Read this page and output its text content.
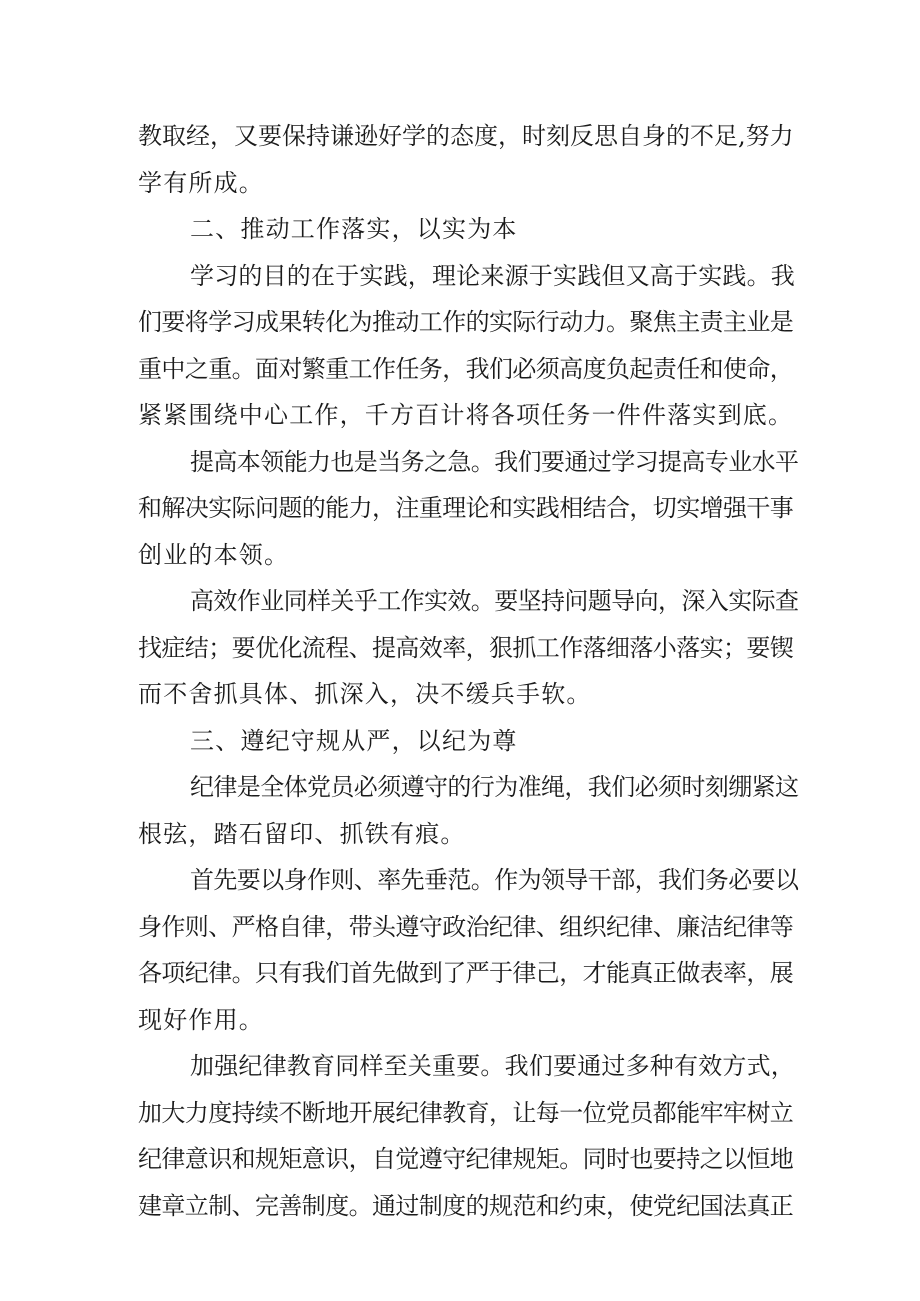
教取经，又要保持谦逊好学的态度，时刻反思自身的不足,努力
学有所成。
二、推动工作落实，以实为本
学习的目的在于实践，理论来源于实践但又高于实践。我
们要将学习成果转化为推动工作的实际行动力。聚焦主责主业是
重中之重。面对繁重工作任务，我们必须高度负起责任和使命，
紧紧围绕中心工作，千方百计将各项任务一件件落实到底。
提高本领能力也是当务之急。我们要通过学习提高专业水平
和解决实际问题的能力，注重理论和实践相结合，切实增强干事
创业的本领。
高效作业同样关乎工作实效。要坚持问题导向，深入实际查
找症结；要优化流程、提高效率，狠抓工作落细落小落实；要锲
而不舍抓具体、抓深入，决不缓兵手软。
三、遵纪守规从严，以纪为尊
纪律是全体党员必须遵守的行为准绳，我们必须时刻绷紧这
根弦，踏石留印、抓铁有痕。
首先要以身作则、率先垂范。作为领导干部，我们务必要以
身作则、严格自律，带头遵守政治纪律、组织纪律、廉洁纪律等
各项纪律。只有我们首先做到了严于律己，才能真正做表率，展
现好作用。
加强纪律教育同样至关重要。我们要通过多种有效方式，
加大力度持续不断地开展纪律教育，让每一位党员都能牢牢树立
纪律意识和规矩意识，自觉遵守纪律规矩。同时也要持之以恒地
建章立制、完善制度。通过制度的规范和约束，使党纪国法真正
